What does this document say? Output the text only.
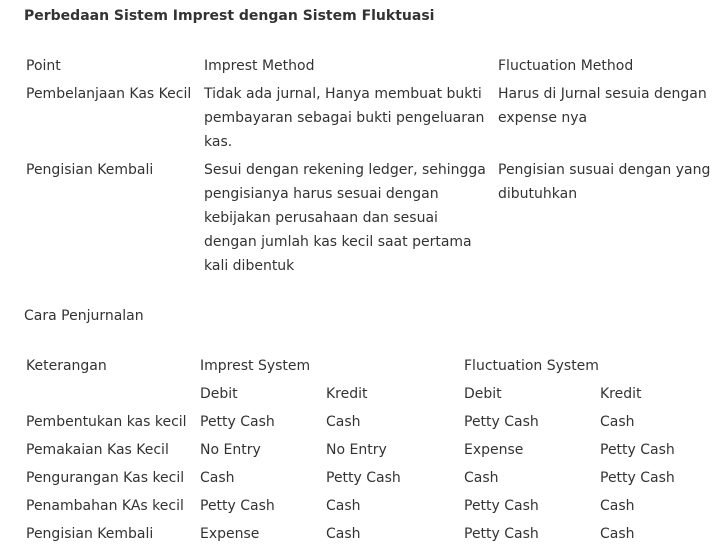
Perbedaan Sistem Imprest dengan Sistem Fluktuasi
Point	Imprest Method	Fluctuation Method
Pembelanjaan Kas Kecil	Tidak ada jurnal, Hanya membuat bukti pembayaran sebagai bukti pengeluaran kas.	Harus di Jurnal sesuia dengan expense nya
Pengisian Kembali	Sesui dengan rekening ledger, sehingga pengisianya harus sesuai dengan kebijakan perusahaan dan sesuai dengan jumlah kas kecil saat pertama kali dibentuk	Pengisian susuai dengan yang dibutuhkan
Cara Penjurnalan
Keterangan	Imprest System		Fluctuation System	
	Debit	Kredit	Debit	Kredit
Pembentukan kas kecil	Petty Cash	Cash	Petty Cash	Cash
Pemakaian Kas Kecil	No Entry	No Entry	Expense	Petty Cash
Pengurangan Kas kecil	Cash	Petty Cash	Cash	Petty Cash
Penambahan KAs kecil	Petty Cash	Cash	Petty Cash	Cash
Pengisian Kembali	Expense	Cash	Petty Cash	Cash
